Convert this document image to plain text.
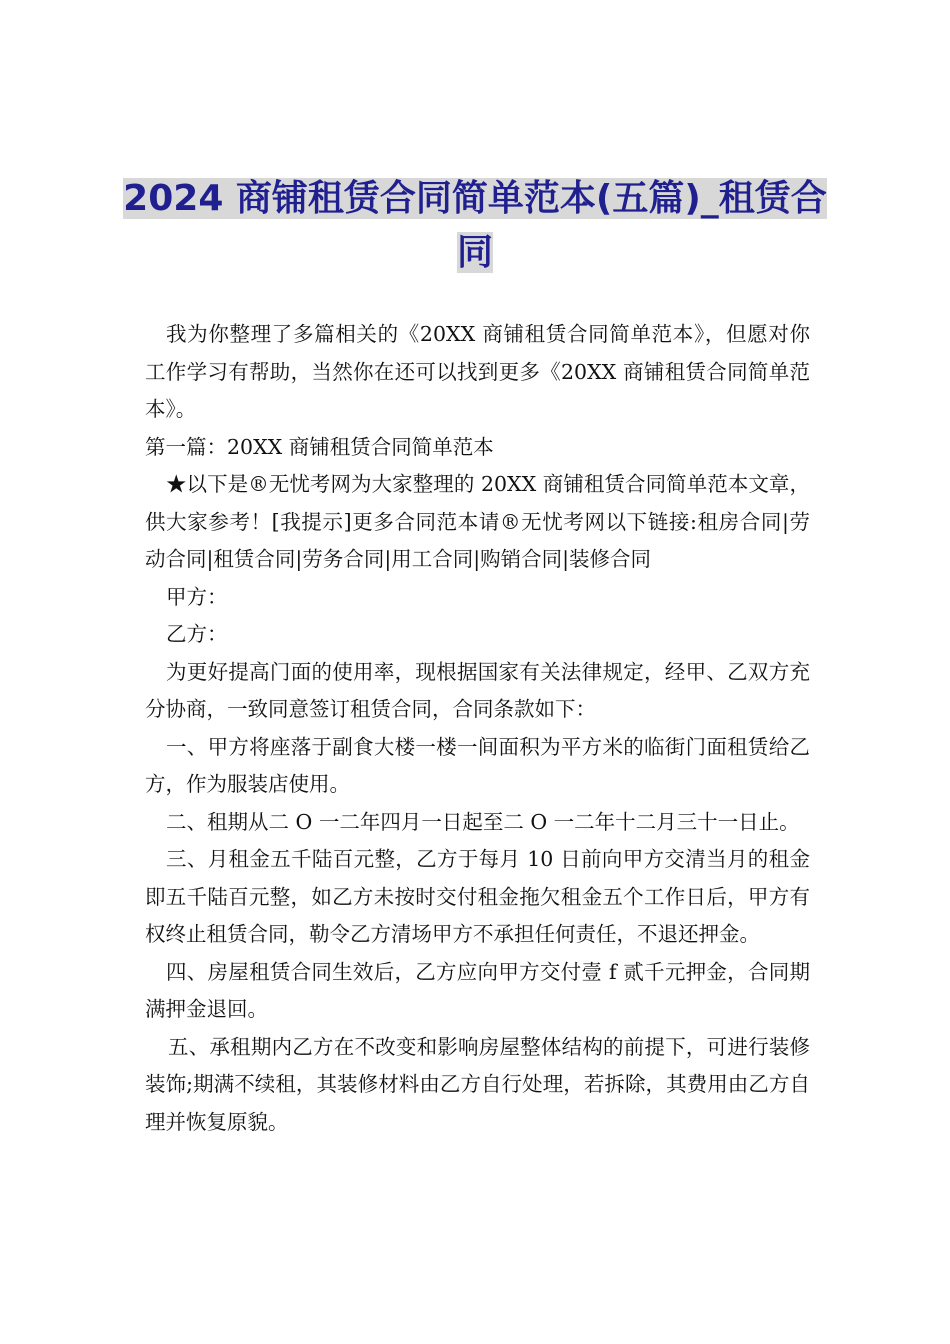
2024 商铺租赁合同简单范本(五篇)_租赁合同

我为你整理了多篇相关的《20XX 商铺租赁合同简单范本》，但愿对你工作学习有帮助，当然你在还可以找到更多《20XX 商铺租赁合同简单范本》。

第一篇：20XX 商铺租赁合同简单范本

★以下是®无忧考网为大家整理的 20XX 商铺租赁合同简单范本文章，供大家参考！[我提示]更多合同范本请®无忧考网以下链接:租房合同|劳动合同|租赁合同|劳务合同|用工合同|购销合同|装修合同

甲方：

乙方：

为更好提高门面的使用率，现根据国家有关法律规定，经甲、乙双方充分协商，一致同意签订租赁合同，合同条款如下：

一、甲方将座落于副食大楼一楼一间面积为平方米的临街门面租赁给乙方，作为服装店使用。

二、租期从二 O 一二年四月一日起至二 O 一二年十二月三十一日止。

三、月租金五千陆百元整，乙方于每月 10 日前向甲方交清当月的租金即五千陆百元整，如乙方未按时交付租金拖欠租金五个工作日后，甲方有权终止租赁合同，勒令乙方清场甲方不承担任何责任，不退还押金。

四、房屋租赁合同生效后，乙方应向甲方交付壹 f 贰千元押金，合同期满押金退回。

五、承租期内乙方在不改变和影响房屋整体结构的前提下，可进行装修装饰;期满不续租，其装修材料由乙方自行处理，若拆除，其费用由乙方自理并恢复原貌。
